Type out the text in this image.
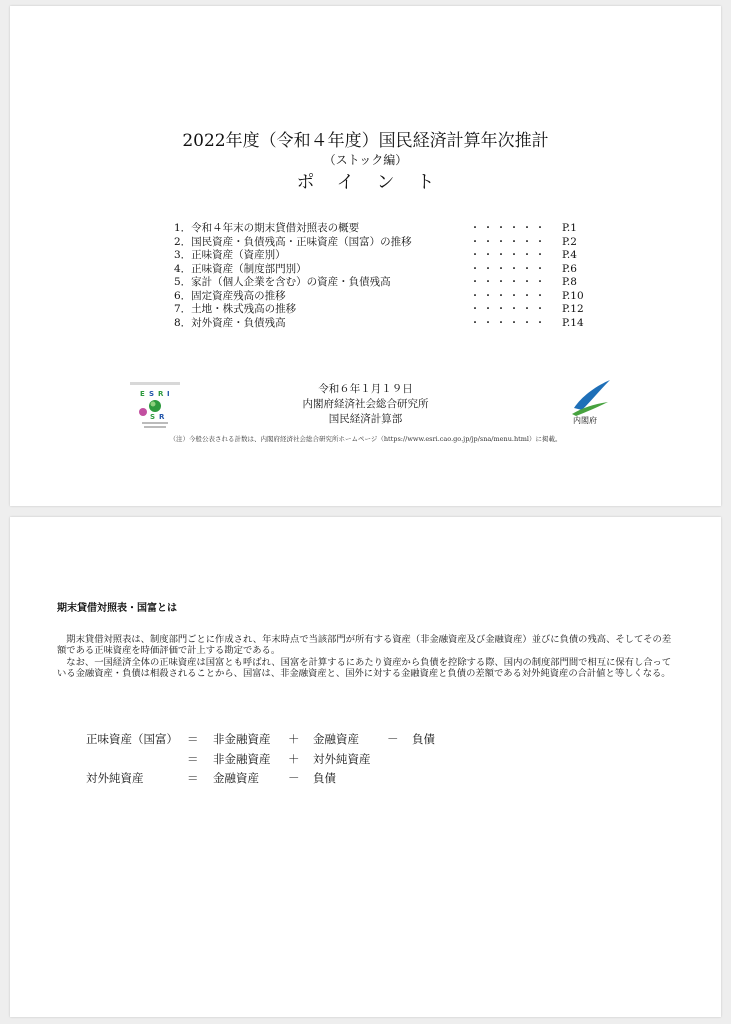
2022年度（令和４年度）国民経済計算年次推計
（ストック編）
ポイント
1．令和４年末の期末貸借対照表の概要	・・・・・・ P.1
2．国民資産・負債残高・正味資産（国富）の推移	・・・・・・ P.2
3．正味資産（資産別）	・・・・・・ P.4
4．正味資産（制度部門別）	・・・・・・ P.6
5．家計（個人企業を含む）の資産・負債残高	・・・・・・ P.8
6．固定資産残高の推移	・・・・・・ P.10
7．土地・株式残高の推移	・・・・・・ P.12
8．対外資産・負債残高	・・・・・・ P.14
E S R I
S R
令和６年１月１９日
内閣府経済社会総合研究所
国民経済計算部	内閣府
（注）今般公表される計数は、内閣府経済社会総合研究所ホームページ（https://www.esri.cao.go.jp/jp/sna/menu.html）に掲載。
期末貸借対照表・国富とは
期末貸借対照表は、制度部門ごとに作成され、年末時点で当該部門が所有する資産（非金融資産及び金融資産）並びに負債の残高、そしてその差額である正味資産を時価評価で計上する勘定である。
なお、一国経済全体の正味資産は国富とも呼ばれ、国富を計算するにあたり資産から負債を控除する際、国内の制度部門間で相互に保有し合っている金融資産・負債は相殺されることから、国富は、非金融資産と、国外に対する金融資産と負債の差額である対外純資産の合計値と等しくなる。
正味資産（国富） ＝ 非金融資産 ＋ 金融資産 － 負債
＝ 非金融資産 ＋ 対外純資産
対外純資産	＝ 金融資産	－ 負債
